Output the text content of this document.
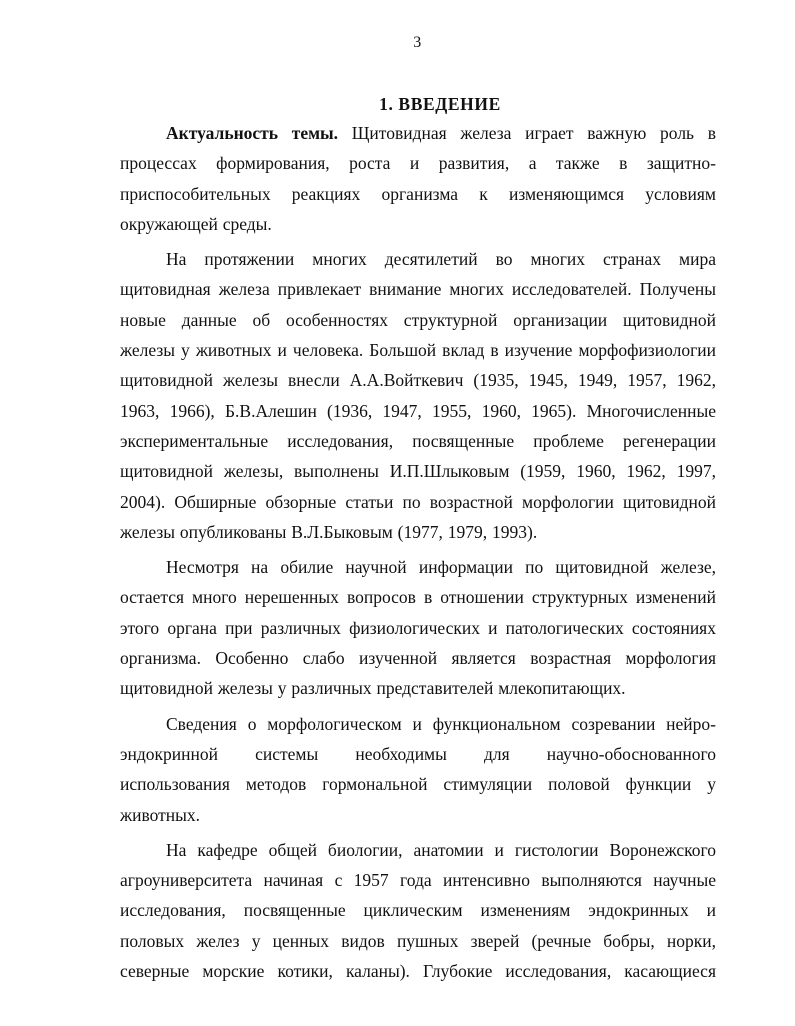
3
1. ВВЕДЕНИЕ
Актуальность темы. Щитовидная железа играет важную роль в
процессах формирования, роста и развития, а также в защитно-
приспособительных реакциях организма к изменяющимся условиям
окружающей среды.
На протяжении многих десятилетий во многих странах мира
щитовидная железа привлекает внимание многих исследователей. Получены
новые данные об особенностях структурной организации щитовидной
железы у животных и человека. Большой вклад в изучение морфофизиологии
щитовидной железы внесли А.А.Войткевич (1935, 1945, 1949, 1957, 1962,
1963, 1966), Б.В.Алешин (1936, 1947, 1955, 1960, 1965). Многочисленные
экспериментальные исследования, посвященные проблеме регенерации
щитовидной железы, выполнены И.П.Шлыковым (1959, 1960, 1962, 1997,
2004). Обширные обзорные статьи по возрастной морфологии щитовидной
железы опубликованы В.Л.Быковым (1977, 1979, 1993).
Несмотря на обилие научной информации по щитовидной железе,
остается много нерешенных вопросов в отношении структурных изменений
этого органа при различных физиологических и патологических состояниях
организма. Особенно слабо изученной является возрастная морфология
щитовидной железы у различных представителей млекопитающих.
Сведения о морфологическом и функциональном созревании нейро-
эндокринной системы необходимы для научно-обоснованного
использования методов гормональной стимуляции половой функции у
животных.
На кафедре общей биологии, анатомии и гистологии Воронежского
агроуниверситета начиная с 1957 года интенсивно выполняются научные
исследования, посвященные циклическим изменениям эндокринных и
половых желез у ценных видов пушных зверей (речные бобры, норки,
северные морские котики, каланы). Глубокие исследования, касающиеся
